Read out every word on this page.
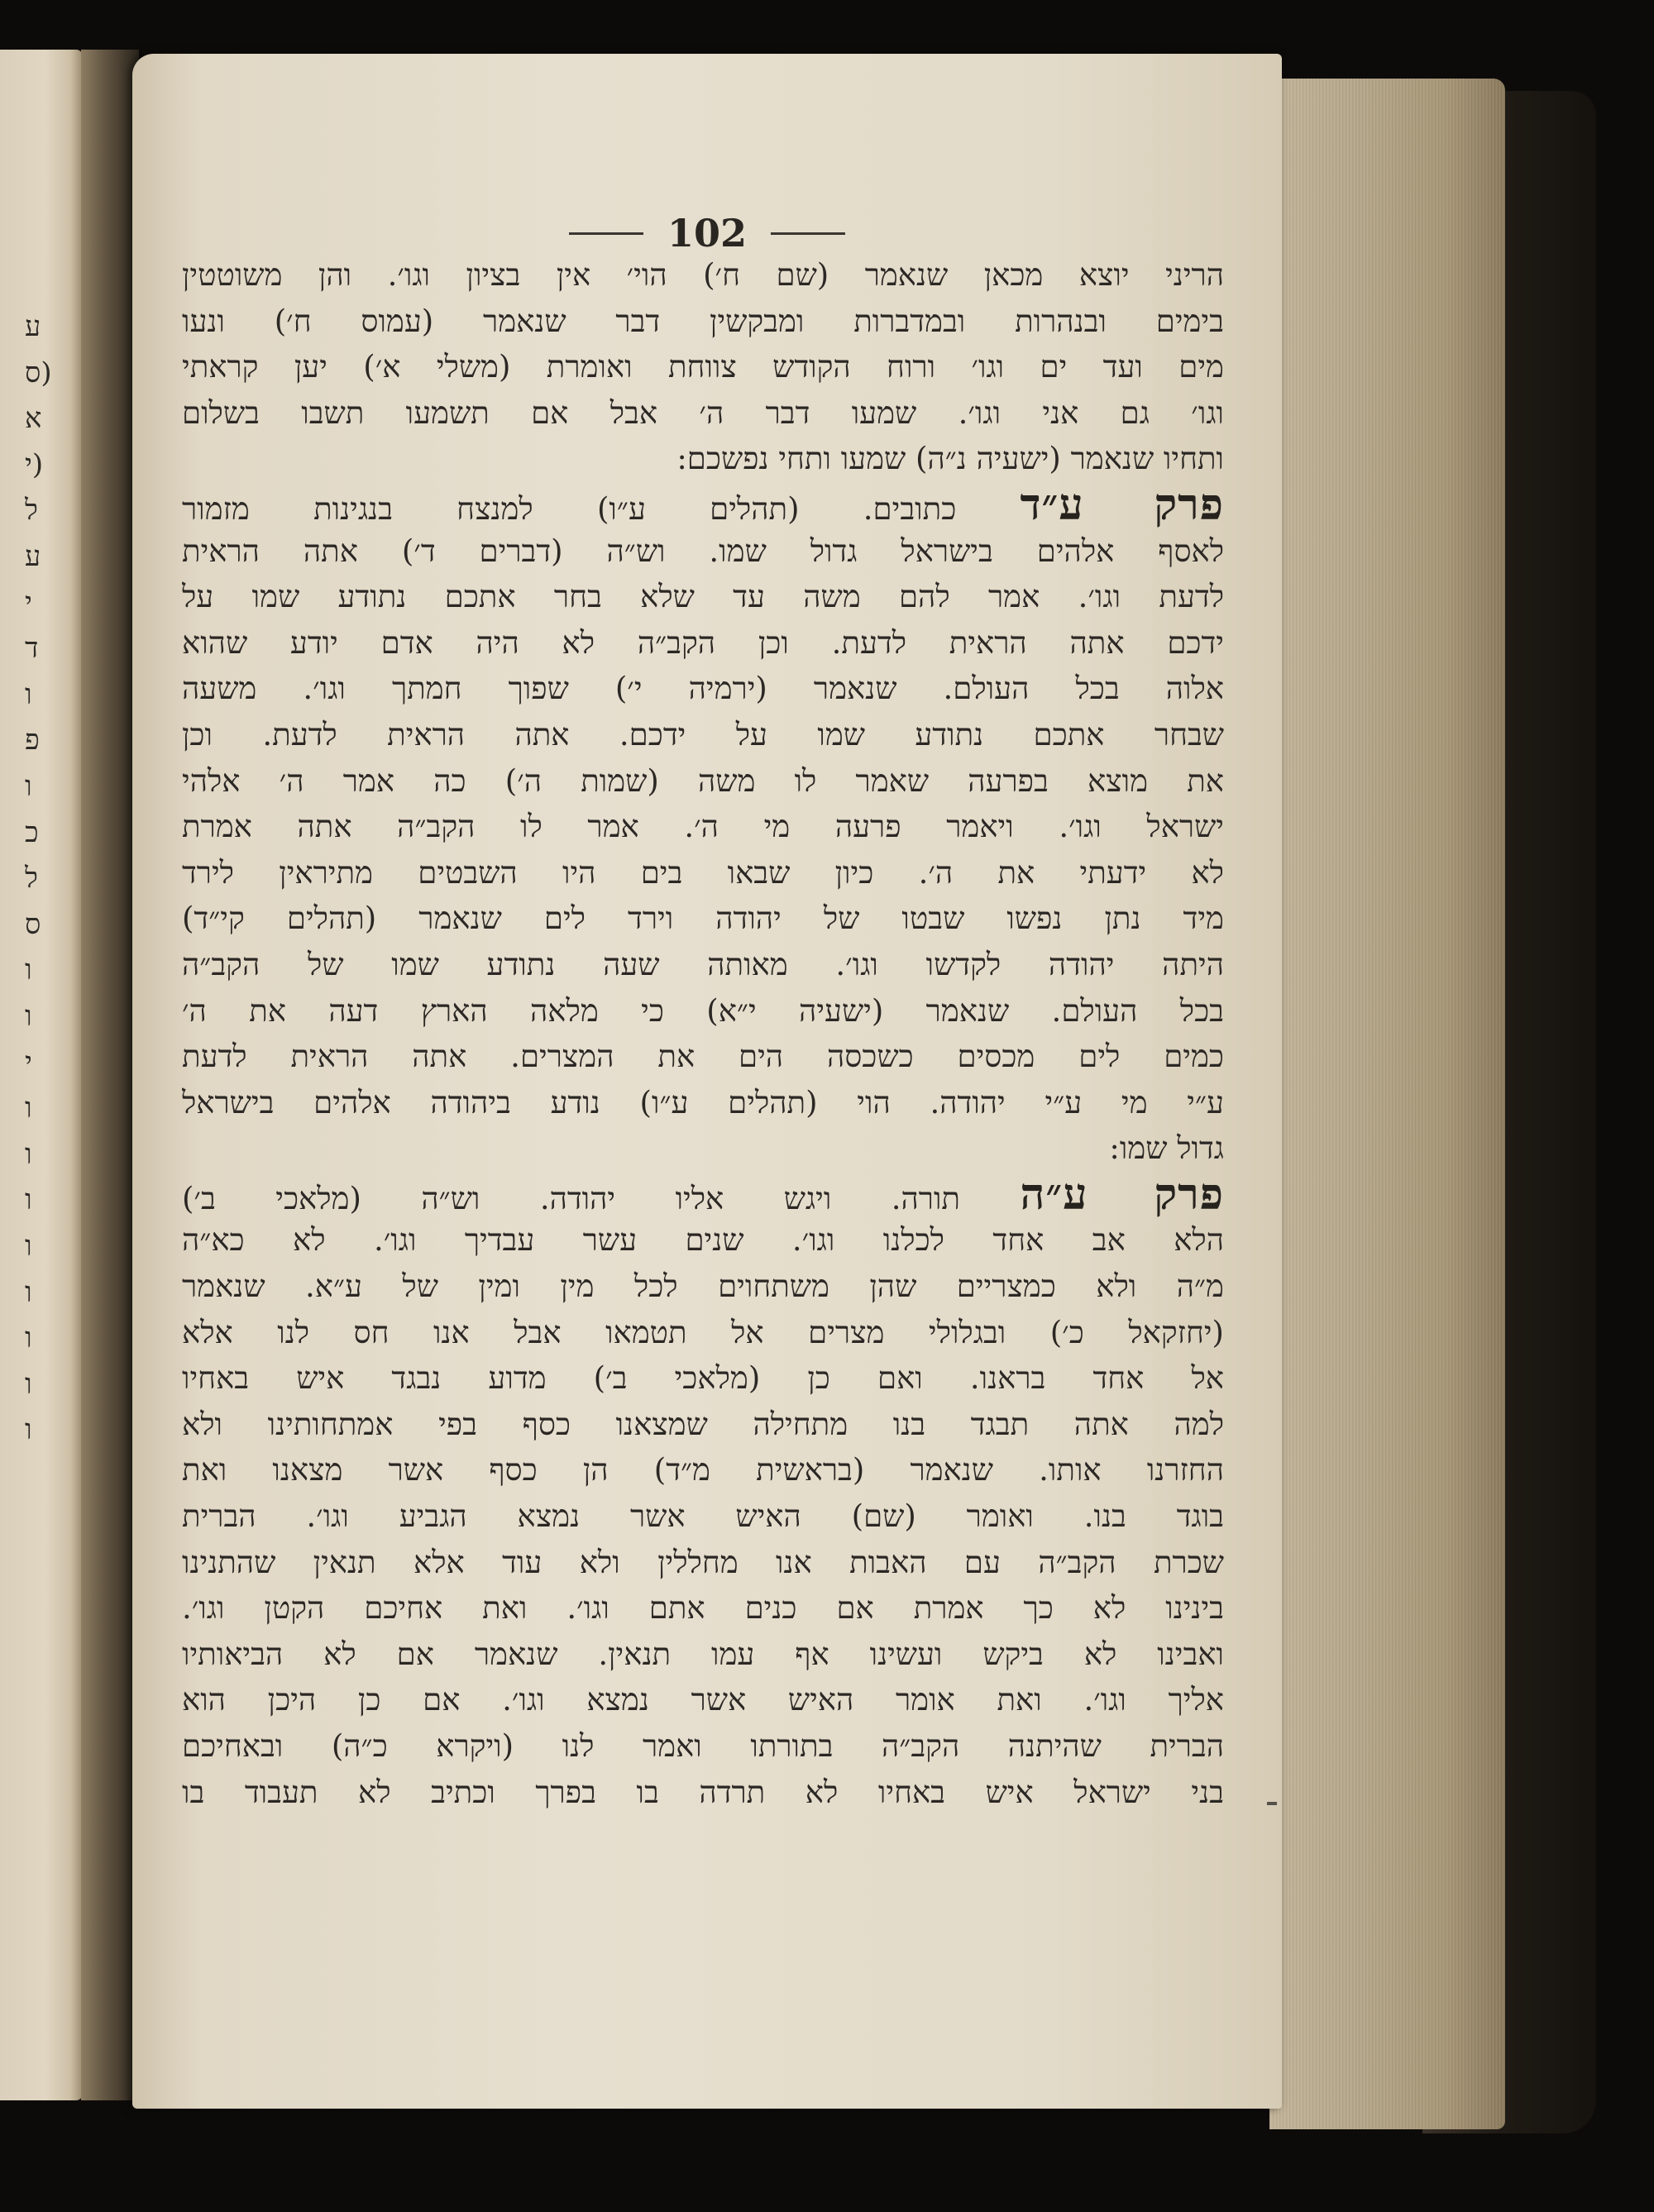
102
הריני יוצא מכאן שנאמר (שם ח׳) הוי׳ אין בציון וגו׳. והן משוטטין
בימים ובנהרות ובמדברות ומבקשין דבר שנאמר (עמוס ח׳) ונעו
מים ועד ים וגו׳ ורוח הקודש צווחת ואומרת (משלי א׳) יען קראתי
וגו׳ גם אני וגו׳. שמעו דבר ה׳ אבל אם תשמעו תשבו בשלום
ותחיו שנאמר (ישעיה נ״ה) שמעו ותחי נפשכם:
פרק ע״ד כתובים. (תהלים ע״ו) למנצח בנגינות מזמור
לאסף אלהים בישראל גדול שמו. וש״ה (דברים ד׳) אתה הראית
לדעת וגו׳. אמר להם משה עד שלא בחר אתכם נתודע שמו על
ידכם אתה הראית לדעת. וכן הקב״ה לא היה אדם יודע שהוא
אלוה בכל העולם. שנאמר (ירמיה י׳) שפוך חמתך וגו׳. משעה
שבחר אתכם נתודע שמו על ידכם. אתה הראית לדעת. וכן
את מוצא בפרעה שאמר לו משה (שמות ה׳) כה אמר ה׳ אלהי
ישראל וגו׳. ויאמר פרעה מי ה׳. אמר לו הקב״ה אתה אמרת
לא ידעתי את ה׳. כיון שבאו בים היו השבטים מתיראין לירד
מיד נתן נפשו שבטו של יהודה וירד לים שנאמר (תהלים קי״ד)
היתה יהודה לקדשו וגו׳. מאותה שעה נתודע שמו של הקב״ה
בכל העולם. שנאמר (ישעיה י״א) כי מלאה הארץ דעה את ה׳
כמים לים מכסים כשכסה הים את המצרים. אתה הראית לדעת
ע״י מי ע״י יהודה. הוי (תהלים ע״ו) נודע ביהודה אלהים בישראל
גדול שמו:
פרק ע״ה תורה. ויגש אליו יהודה. וש״ה (מלאכי ב׳)
הלא אב אחד לכלנו וגו׳. שנים עשר עבדיך וגו׳. לא כא״ה
מ״ה ולא כמצריים שהן משתחוים לכל מין ומין של ע״א. שנאמר
(יחזקאל כ׳) ובגלולי מצרים אל תטמאו אבל אנו חס לנו אלא
אל אחד בראנו. ואם כן (מלאכי ב׳) מדוע נבגד איש באחיו
למה אתה תבגד בנו מתחילה שמצאנו כסף בפי אמתחותינו ולא
החזרנו אותו. שנאמר (בראשית מ״ד) הן כסף אשר מצאנו ואת
בוגד בנו. ואומר (שם) האיש אשר נמצא הגביע וגו׳. הברית
שכרת הקב״ה עם האבות אנו מחללין ולא עוד אלא תנאין שהתנינו
בינינו לא כך אמרת אם כנים אתם וגו׳. ואת אחיכם הקטן וגו׳.
ואבינו לא ביקש ועשינו אף עמו תנאין. שנאמר אם לא הביאותיו
אליך וגו׳. ואת אומר האיש אשר נמצא וגו׳. אם כן היכן הוא
הברית שהיתנה הקב״ה בתורתו ואמר לנו (ויקרא כ״ה) ובאחיכם
בני ישראל איש באחיו לא תרדה בו בפרך וכתיב לא תעבוד בו
ע
(ס
א
(י
ל
ע
י
ד
ו
פ
ו
כ
ל
ס
ו
ו
י
ו
ו
ו
ו
ו
ו
ו
ו
